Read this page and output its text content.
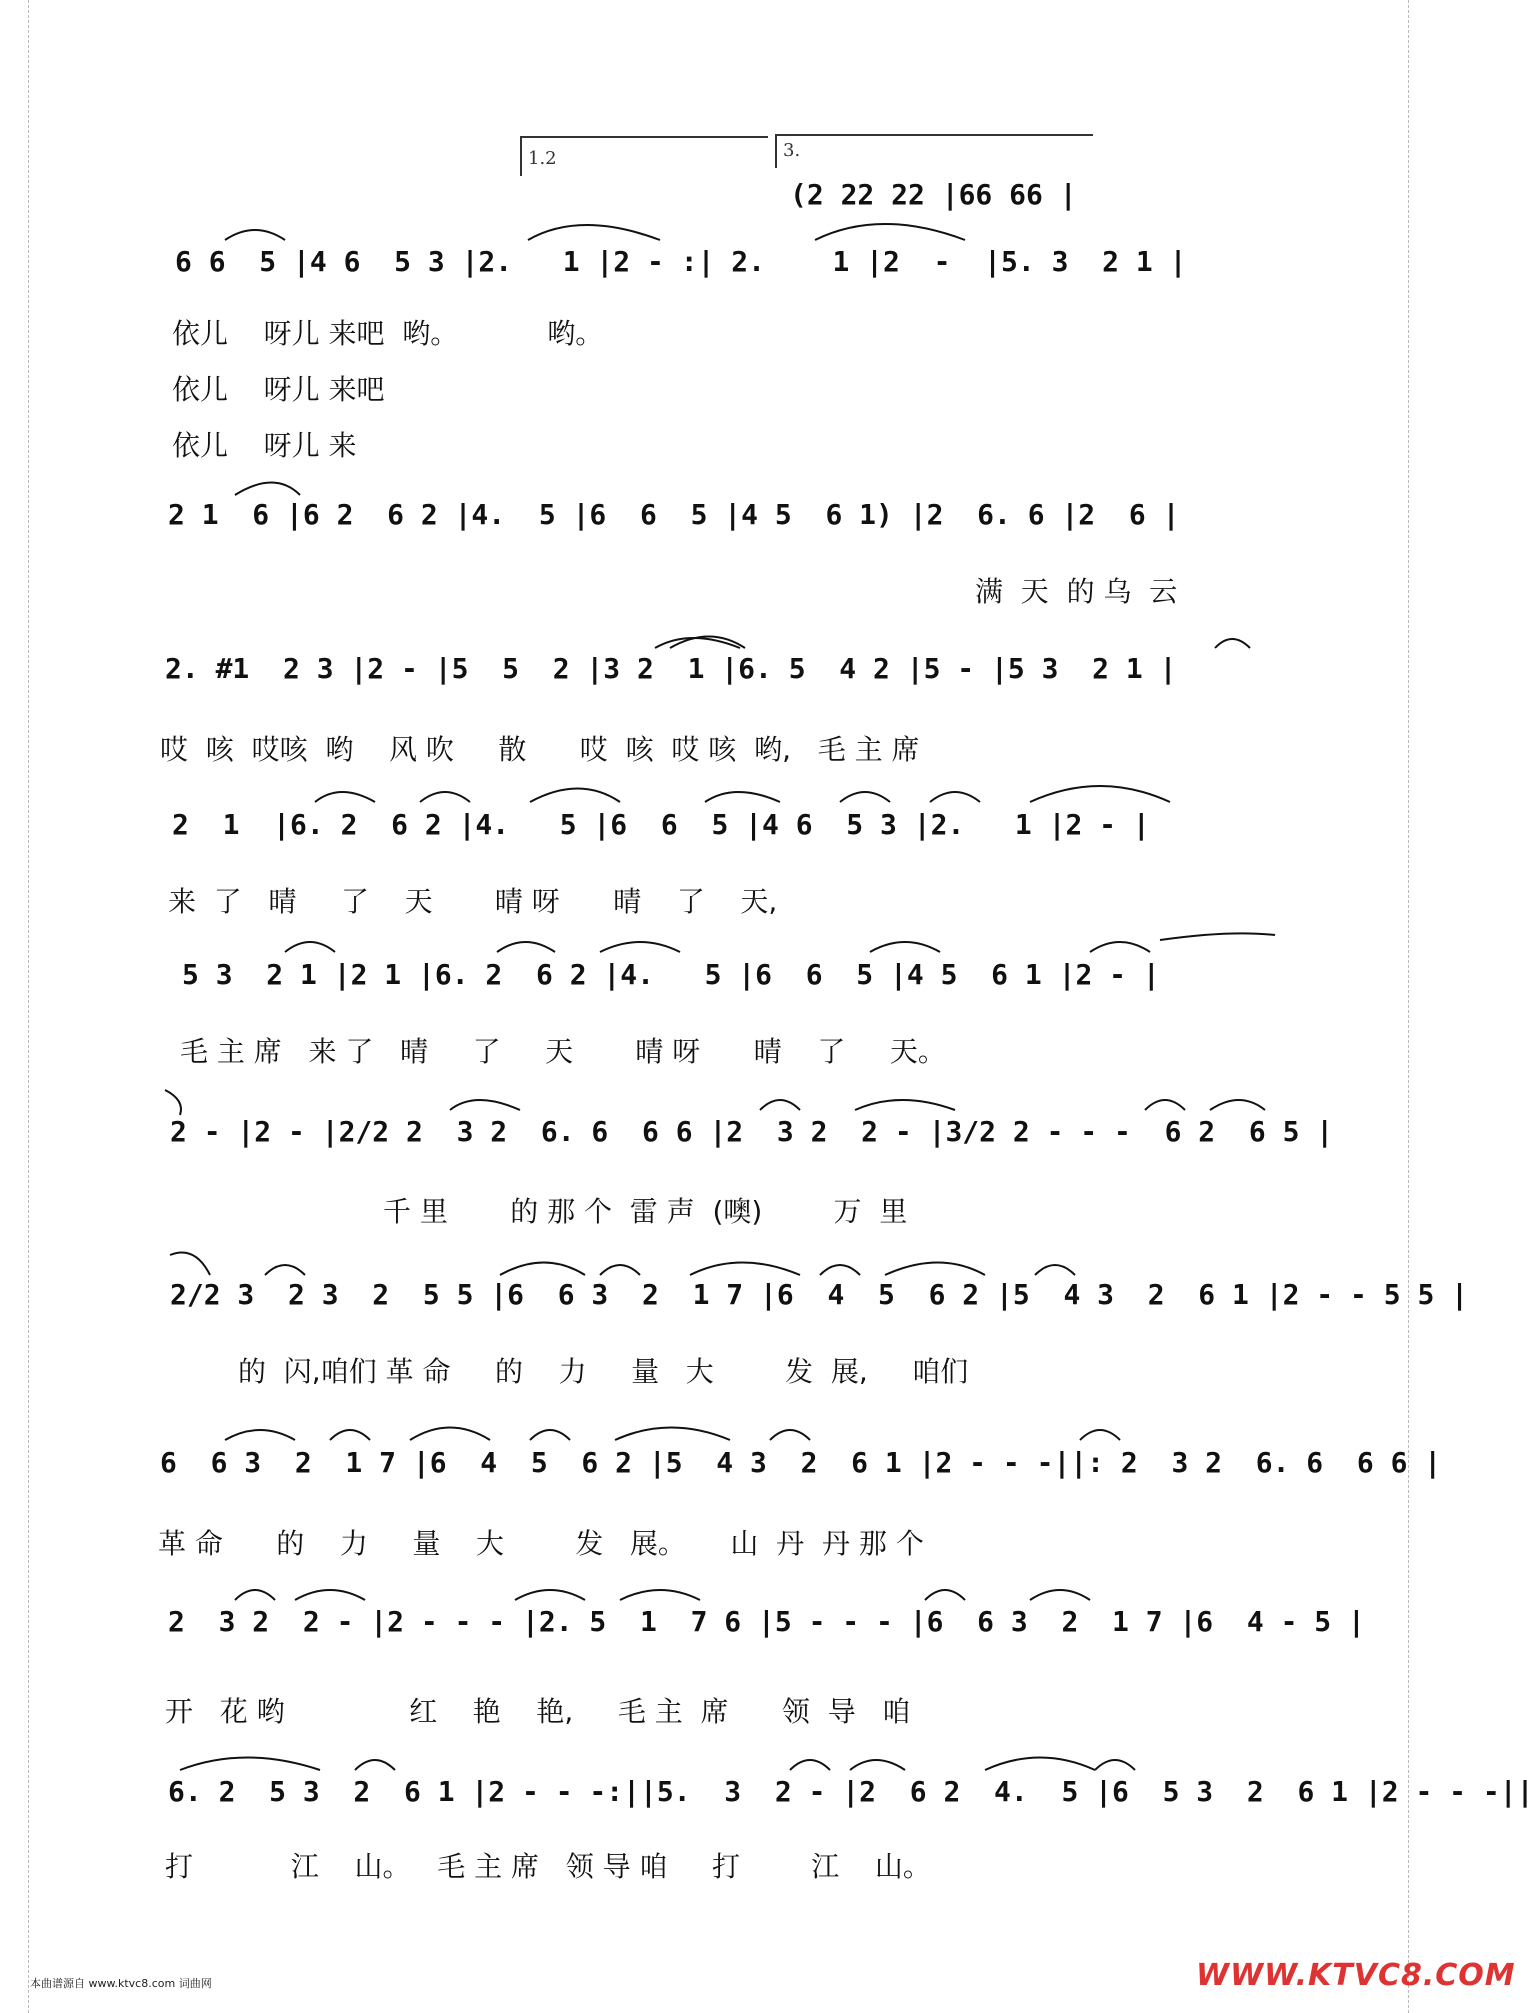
1.2	3.
(2 22 22 |66 66 |
6 6  5 |4 6  5 3 |2.   1 |2 - :| 2.    1 |2  -  |5. 3  2 1 |
依儿    呀儿 来吧  哟。          哟。
依儿    呀儿 来吧
依儿    呀儿 来
2 1  6 |6 2  6 2 |4.  5 |6  6  5 |4 5  6 1) |2  6. 6 |2  6 |
满  天  的 乌  云
2. #1  2 3 |2 - |5  5  2 |3 2  1 |6. 5  4 2 |5 - |5 3  2 1 |
哎  咳  哎咳  哟    风 吹     散      哎  咳  哎 咳  哟,   毛 主 席
2  1  |6. 2  6 2 |4.   5 |6  6  5 |4 6  5 3 |2.   1 |2 - |
来  了   晴     了    天       晴 呀      晴    了    天,
5 3  2 1 |2 1 |6. 2  6 2 |4.   5 |6  6  5 |4 5  6 1 |2 - |
毛 主 席   来 了   晴     了     天       晴 呀      晴    了     天。
2 - |2 - |2/2 2  3 2  6. 6  6 6 |2  3 2  2 - |3/2 2 - - -  6 2  6 5 |
千 里       的 那 个  雷 声  (噢)        万  里
2/2 3  2 3  2  5 5 |6  6 3  2  1 7 |6  4  5  6 2 |5  4 3  2  6 1 |2 - - 5 5 |
的  闪,咱们 革 命     的    力     量   大        发  展,     咱们
6  6 3  2  1 7 |6  4  5  6 2 |5  4 3  2  6 1 |2 - - -||: 2  3 2  6. 6  6 6 |
革 命      的    力     量    大        发   展。     山  丹  丹 那 个
2  3 2  2 - |2 - - - |2. 5  1  7 6 |5 - - - |6  6 3  2  1 7 |6  4 - 5 |
开   花 哟              红    艳    艳,     毛 主  席      领  导   咱
6. 2  5 3  2  6 1 |2 - - -:||5.  3  2 - |2  6 2  4.  5 |6  5 3  2  6 1 |2 - - -||
打           江    山。   毛 主 席   领 导 咱     打        江    山。
本曲谱源自 www.ktvc8.com 词曲网	WWW.KTVC8.COM
